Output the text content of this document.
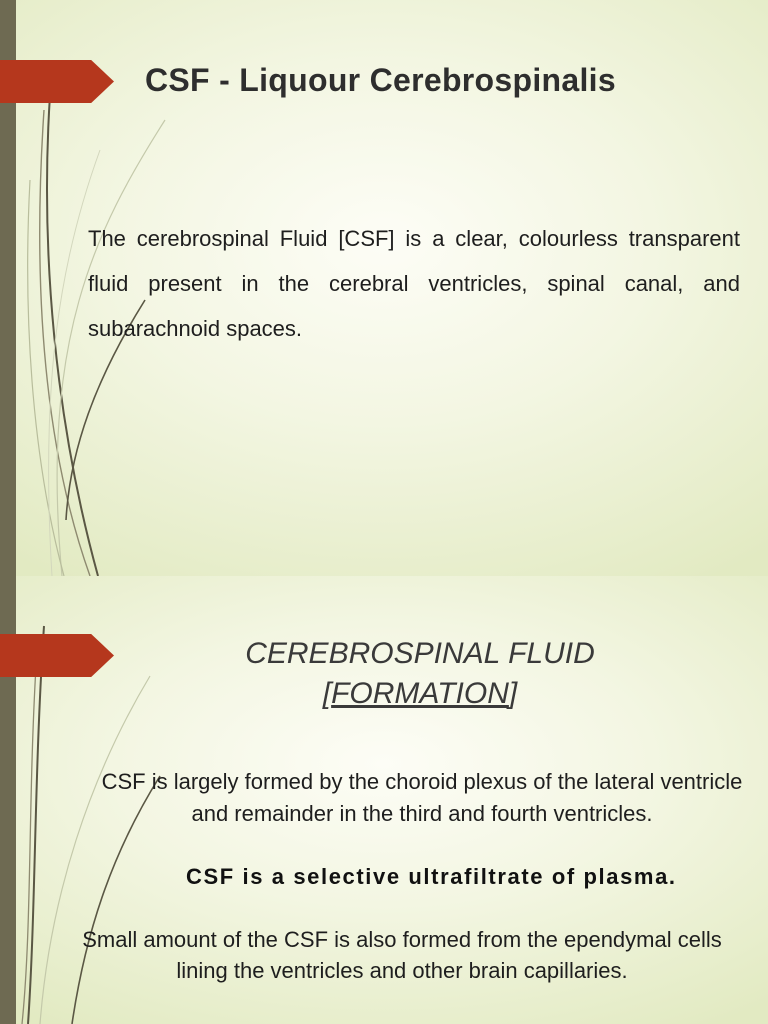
CSF - Liquour Cerebrospinalis
The cerebrospinal Fluid [CSF] is a clear, colourless transparent fluid present in the cerebral ventricles, spinal canal, and subarachnoid spaces.
CEREBROSPINAL FLUID
[FORMATION]
CSF is largely formed by the choroid plexus of the lateral ventricle and remainder in the third and fourth ventricles.
CSF is a selective ultrafiltrate of plasma.
Small amount of the CSF is also formed from the ependymal cells lining the ventricles and other brain capillaries.
